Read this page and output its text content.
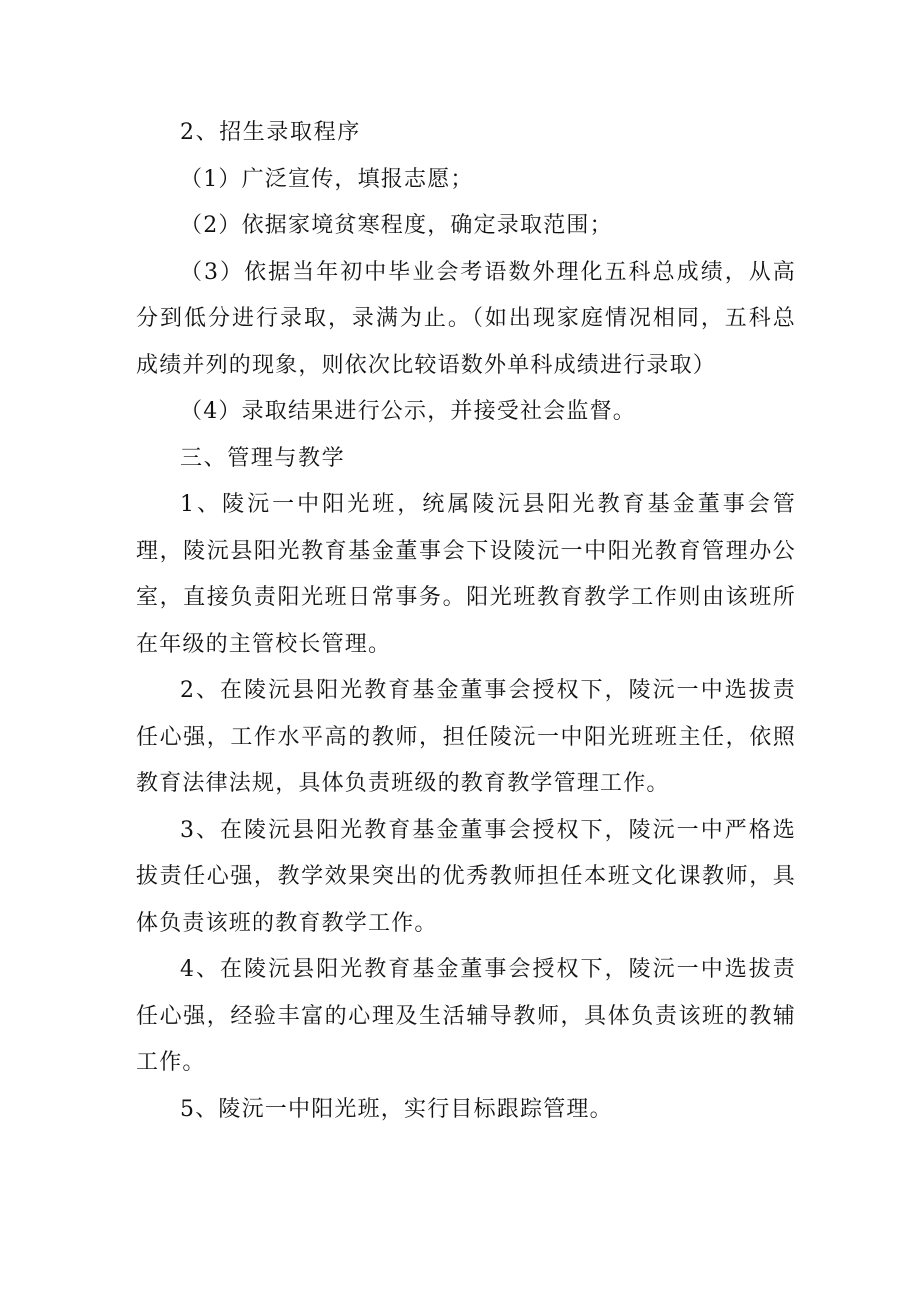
2、招生录取程序

（1）广泛宣传，填报志愿；

（2）依据家境贫寒程度，确定录取范围；

（3）依据当年初中毕业会考语数外理化五科总成绩，从高分到低分进行录取，录满为止。（如出现家庭情况相同，五科总成绩并列的现象，则依次比较语数外单科成绩进行录取）

（4）录取结果进行公示，并接受社会监督。

三、管理与教学

1、陵沅一中阳光班，统属陵沅县阳光教育基金董事会管理，陵沅县阳光教育基金董事会下设陵沅一中阳光教育管理办公室，直接负责阳光班日常事务。阳光班教育教学工作则由该班所在年级的主管校长管理。

2、在陵沅县阳光教育基金董事会授权下，陵沅一中选拔责任心强，工作水平高的教师，担任陵沅一中阳光班班主任，依照教育法律法规，具体负责班级的教育教学管理工作。

3、在陵沅县阳光教育基金董事会授权下，陵沅一中严格选拔责任心强，教学效果突出的优秀教师担任本班文化课教师，具体负责该班的教育教学工作。

4、在陵沅县阳光教育基金董事会授权下，陵沅一中选拔责任心强，经验丰富的心理及生活辅导教师，具体负责该班的教辅工作。

5、陵沅一中阳光班，实行目标跟踪管理。
